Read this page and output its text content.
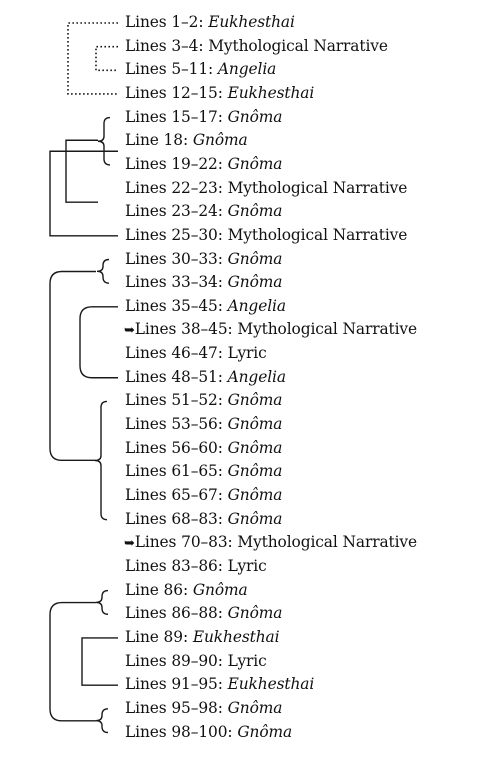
Lines 1–2: Eukhesthai
Lines 3–4: Mythological Narrative
Lines 5–11: Angelia
Lines 12–15: Eukhesthai
Lines 15–17: Gnôma
Line 18: Gnôma
Lines 19–22: Gnôma
Lines 22–23: Mythological Narrative
Lines 23–24: Gnôma
Lines 25–30: Mythological Narrative
Lines 30–33: Gnôma
Lines 33–34: Gnôma
Lines 35–45: Angelia
➥Lines 38–45: Mythological Narrative
Lines 46–47: Lyric
Lines 48–51: Angelia
Lines 51–52: Gnôma
Lines 53–56: Gnôma
Lines 56–60: Gnôma
Lines 61–65: Gnôma
Lines 65–67: Gnôma
Lines 68–83: Gnôma
➥Lines 70–83: Mythological Narrative
Lines 83–86: Lyric
Line 86: Gnôma
Lines 86–88: Gnôma
Line 89: Eukhesthai
Lines 89–90: Lyric
Lines 91–95: Eukhesthai
Lines 95–98: Gnôma
Lines 98–100: Gnôma
